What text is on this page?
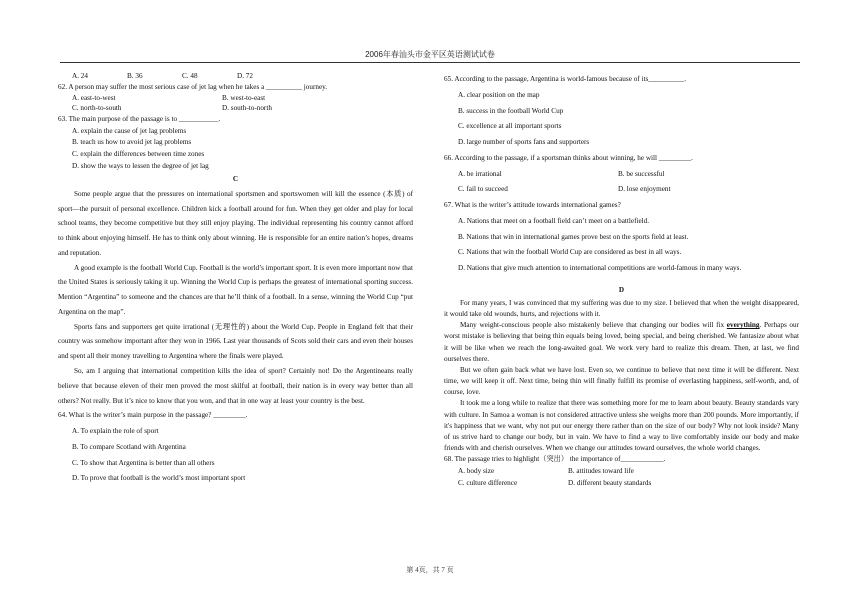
2006年春汕头市金平区英语测试试卷
A. 24	B. 36	C. 48	D. 72

62. A person may suffer the most serious case of jet lag when he takes a __________ journey.

A. east-to-west	B. west-to-east
C. north-to-south	D. south-to-north

63. The main purpose of the passage is to ___________.

A. explain the cause of jet lag problems

B. teach us how to avoid jet lag problems

C. explain the differences between time zones

D. show the ways to lessen the degree of jet lag

C

Some people argue that the pressures on international sportsmen and sportswomen will kill the essence (本质) of sport—the pursuit of personal excellence. Children kick a football around for fun. When they get older and play for local school teams, they become competitive but they still enjoy playing. The individual representing his country cannot afford to think about enjoying himself. He has to think only about winning. He is responsible for an entire nation’s hopes, dreams and reputation.

A good example is the football World Cup. Football is the world’s important sport. It is even more important now that the United States is seriously taking it up. Winning the World Cup is perhaps the greatest of international sporting success. Mention “Argentina” to someone and the chances are that he’ll think of a football. In a sense, winning the World Cup “put Argentina on the map”.

Sports fans and supporters get quite irrational (无理性的) about the World Cup. People in England felt that their country was somehow important after they won in 1966. Last year thousands of Scots sold their cars and even their houses and spent all their money travelling to Argentina where the finals were played.

So, am I arguing that international competition kills the idea of sport? Certainly not! Do the Argentineans really believe that because eleven of their men proved the most skilful at football, their nation is in every way better than all others? Not really. But it’s nice to know that you won, and that in one way at least your country is the best.

64. What is the writer’s main purpose in the passage? _________.

A. To explain the role of sport

B. To compare Scotland with Argentina

C. To show that Argentina is better than all others

D. To prove that football is the world’s most important sport

65. According to the passage, Argentina is world-famous because of its__________.

A. clear position on the map

B. success in the football World Cup

C. excellence at all important sports

D. large number of sports fans and supporters

66. According to the passage, if a sportsman thinks about winning, he will _________.

A. be irrational	B. be successful
C. fail to succeed	D. lose enjoyment

67. What is the writer’s attitude towards international games?

A. Nations that meet on a football field can’t meet on a battlefield.

B. Nations that win in international games prove best on the sports field at least.

C. Nations that win the football World Cup are considered as best in all ways.

D. Nations that give much attention to international competitions are world-famous in many ways.

D

For many years, I was convinced that my suffering was due to my size. I believed that when the weight disappeared, it would take old wounds, hurts, and rejections with it.

Many weight-conscious people also mistakenly believe that changing our bodies will fix everything. Perhaps our worst mistake is believing that being thin equals being loved, being special, and being cherished. We fantasize about what it will be like when we reach the long-awaited goal. We work very hard to realize this dream. Then, at last, we find ourselves there.

But we often gain back what we have lost. Even so, we continue to believe that next time it will be different. Next time, we will keep it off. Next time, being thin will finally fulfill its promise of everlasting happiness, self-worth, and, of course, love.

It took me a long while to realize that there was something more for me to learn about beauty. Beauty standards vary with culture. In Samoa a woman is not considered attractive unless she weighs more than 200 pounds. More importantly, if it's happiness that we want, why not put our energy there rather than on the size of our body? Why not look inside? Many of us strive hard to change our body, but in vain. We have to find a way to live comfortably inside our body and make friends with and cherish ourselves. When we change our attitudes toward ourselves, the whole world changes.

68. The passage tries to highlight（突出） the importance of____________.

A. body size	B. attitudes toward life
C. culture difference	D. different beauty standards
第 4页，共 7 页
